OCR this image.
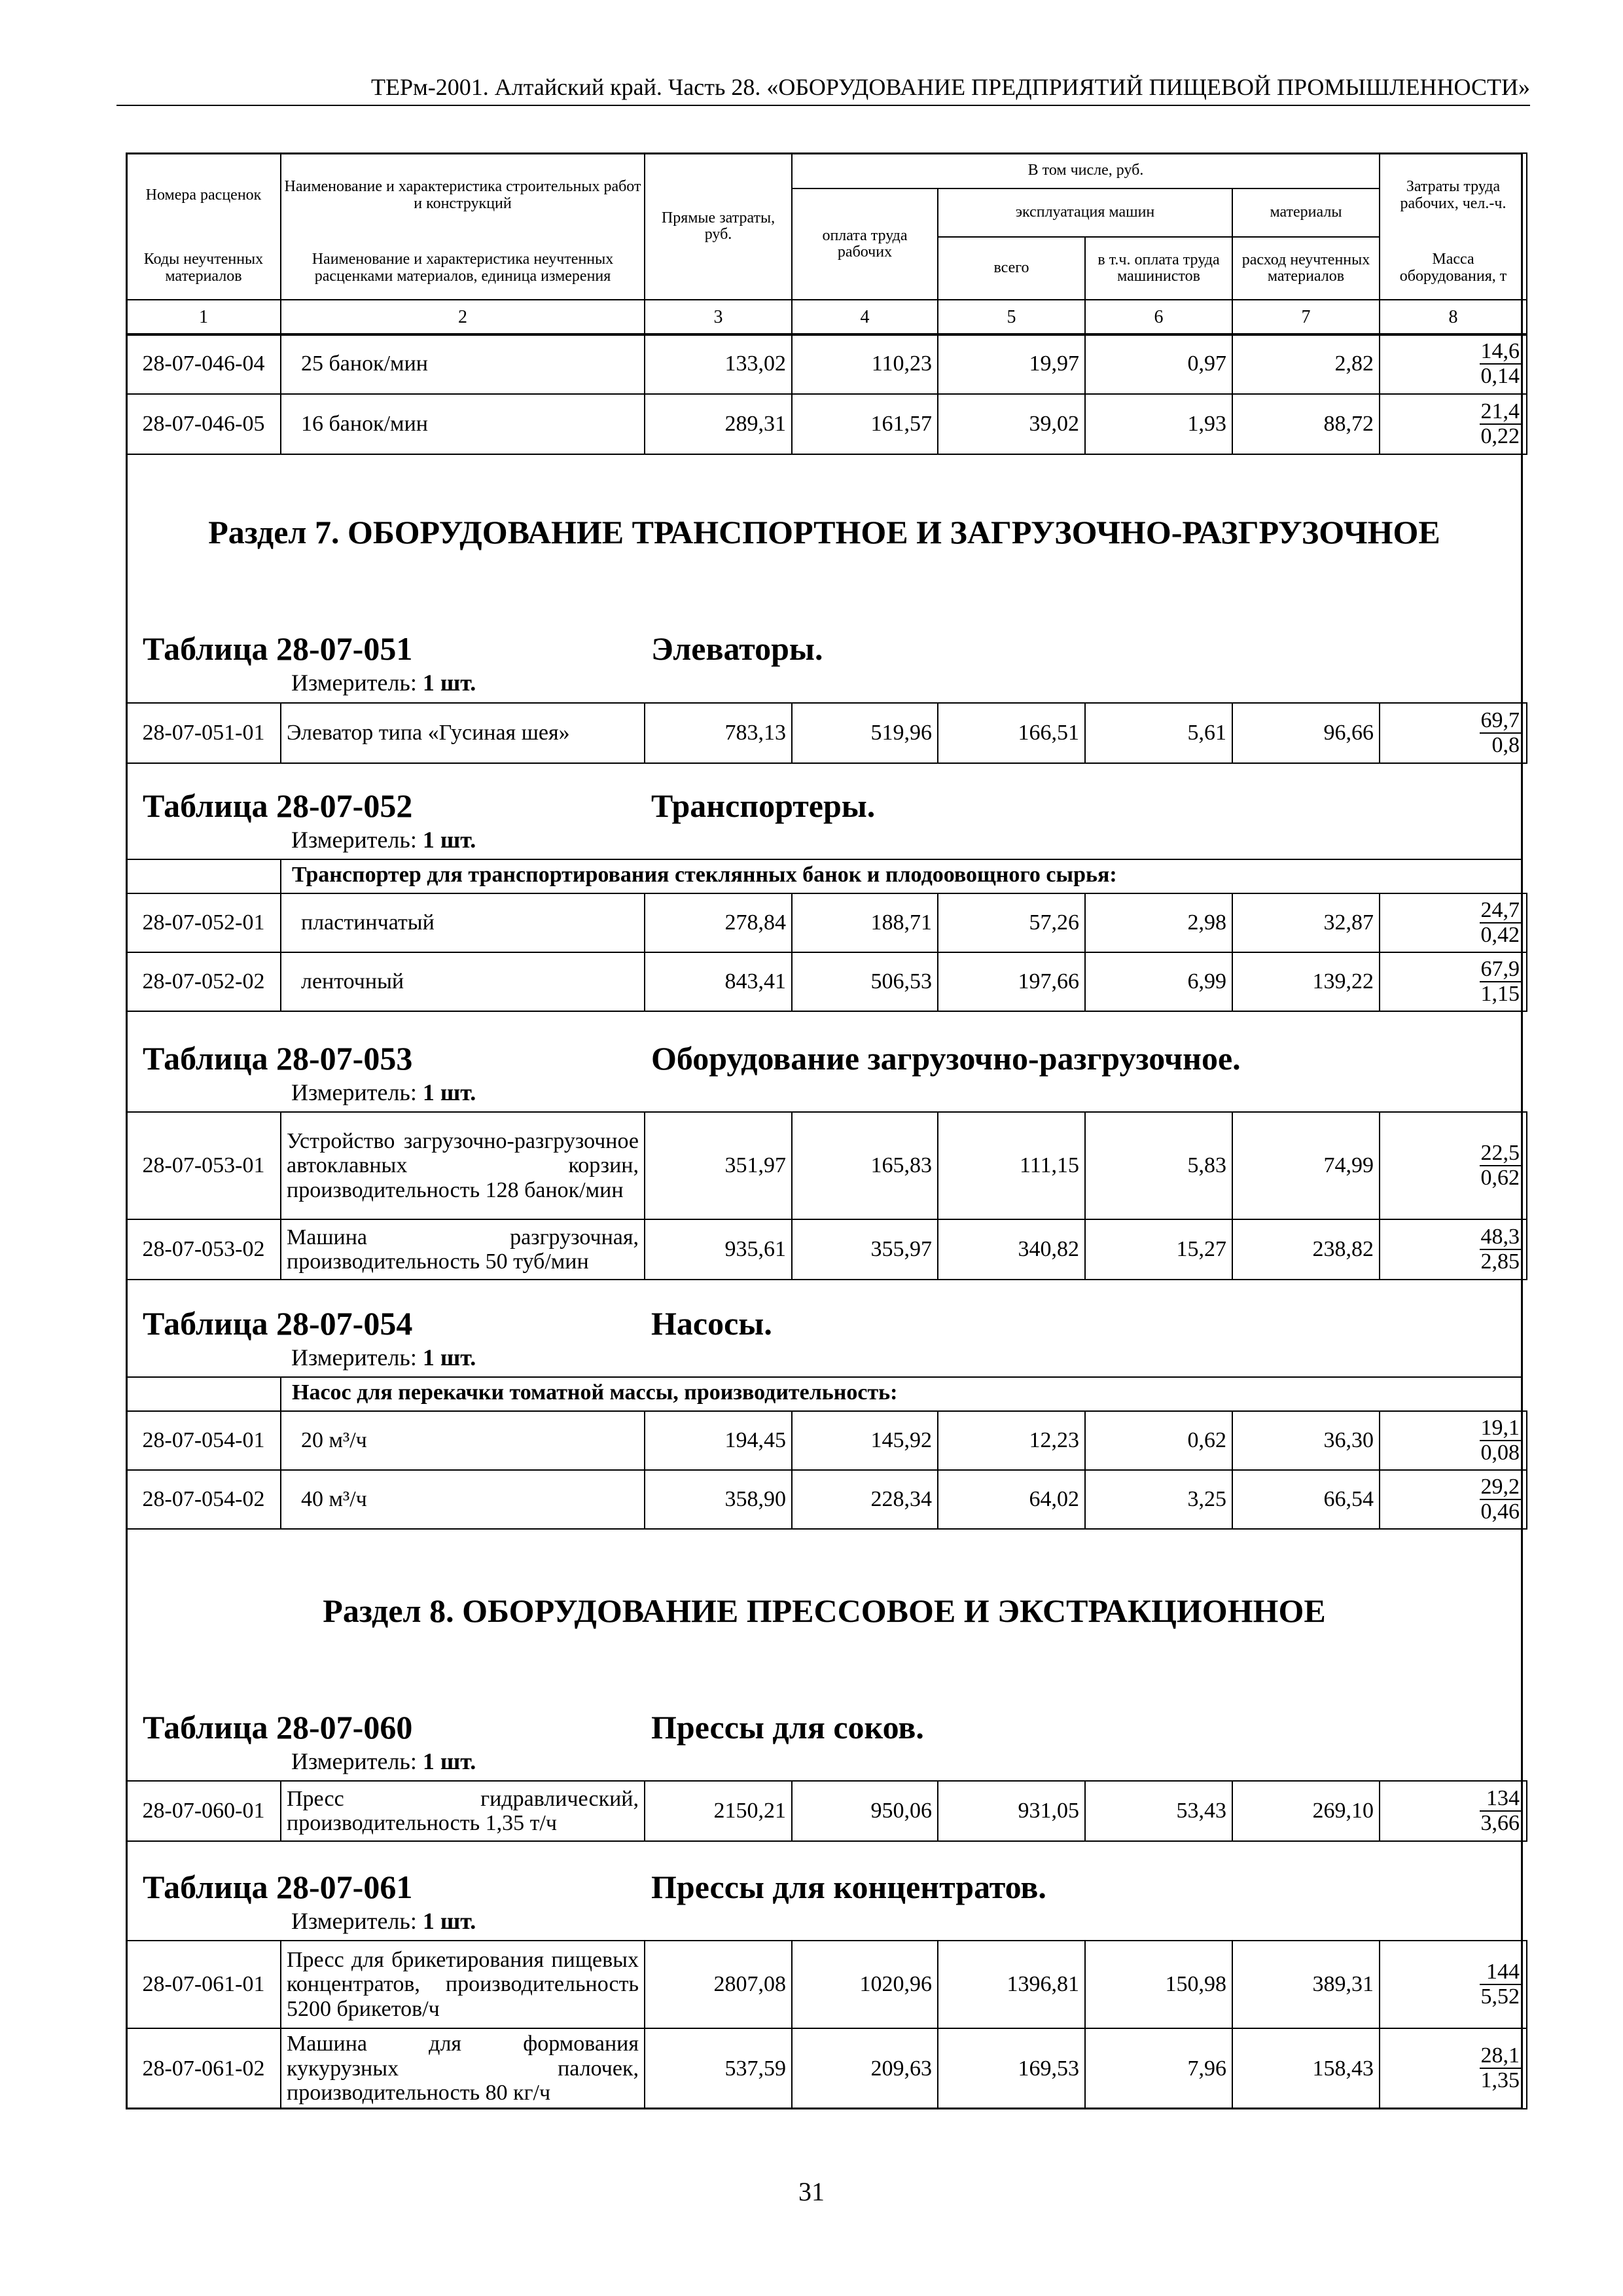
ТЕРм-2001. Алтайский край. Часть 28. «ОБОРУДОВАНИЕ ПРЕДПРИЯТИЙ ПИЩЕВОЙ ПРОМЫШЛЕННОСТИ»
Номера расценок	Наименование и характеристика строительных работ и конструкций	Прямые затраты, руб.	В том числе, руб.				Затраты труда рабочих, чел.-ч.
			оплата труда рабочих	эксплуатация машин		материалы	
Коды неучтенных материалов	Наименование и характеристика неучтенных расценками материалов, единица измерения			всего	в т.ч. оплата труда машинистов	расход неучтенных материалов	Масса оборудования, т
1	2	3	4	5	6	7	8
28-07-046-04	25 банок/мин	133,02	110,23	19,97	0,97	2,82	$\frac{14,6}{0,14}$

28-07-046-05	16 банок/мин	289,31	161,57	39,02	1,93	88,72	$\frac{21,4}{0,22}$
Раздел 7. ОБОРУДОВАНИЕ ТРАНСПОРТНОЕ И ЗАГРУЗОЧНО-РАЗГРУЗОЧНОЕ
Таблица 28-07-051	Элеваторы.
Измеритель: 1 шт.
28-07-051-01	Элеватор типа «Гусиная шея»	783,13	519,96	166,51	5,61	96,66	$\frac{69,7}{0,8}$
Таблица 28-07-052	Транспортеры.
Измеритель: 1 шт.
Транспортер для транспортирования стеклянных банок и плодоовощного сырья:
28-07-052-01	пластинчатый	278,84	188,71	57,26	2,98	32,87	$\frac{24,7}{0,42}$

28-07-052-02	ленточный	843,41	506,53	197,66	6,99	139,22	$\frac{67,9}{1,15}$
Таблица 28-07-053	Оборудование загрузочно-разгрузочное.
Измеритель: 1 шт.
28-07-053-01	Устройство загрузочно-разгрузочное автоклавных корзин, производительность 128 банок/мин	351,97	165,83	111,15	5,83	74,99	$\frac{22,5}{0,62}$

28-07-053-02	Машина разгрузочная, производительность 50 туб/мин	935,61	355,97	340,82	15,27	238,82	$\frac{48,3}{2,85}$
Таблица 28-07-054	Насосы.
Измеритель: 1 шт.
Насос для перекачки томатной массы, производительность:
28-07-054-01	20 м³/ч	194,45	145,92	12,23	0,62	36,30	$\frac{19,1}{0,08}$

28-07-054-02	40 м³/ч	358,90	228,34	64,02	3,25	66,54	$\frac{29,2}{0,46}$
Раздел 8. ОБОРУДОВАНИЕ ПРЕССОВОЕ И ЭКСТРАКЦИОННОЕ
Таблица 28-07-060	Прессы для соков.
Измеритель: 1 шт.
28-07-060-01	Пресс гидравлический, производительность 1,35 т/ч	2150,21	950,06	931,05	53,43	269,10	$\frac{134}{3,66}$
Таблица 28-07-061	Прессы для концентратов.
Измеритель: 1 шт.
28-07-061-01	Пресс для брикетирования пищевых концентратов, производительность 5200 брикетов/ч	2807,08	1020,96	1396,81	150,98	389,31	$\frac{144}{5,52}$

28-07-061-02	Машина для формования кукурузных палочек, производительность 80 кг/ч	537,59	209,63	169,53	7,96	158,43	$\frac{28,1}{1,35}$
31
